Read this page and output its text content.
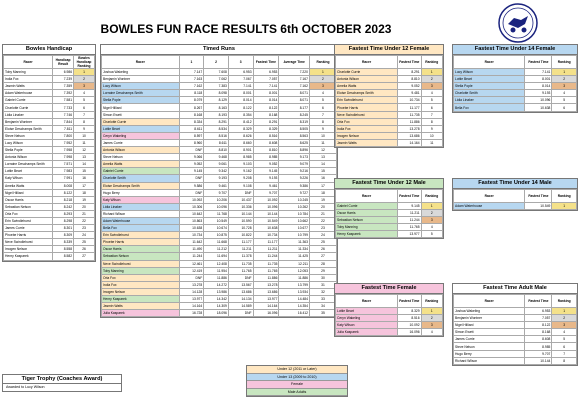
BOWLES FUN RACE RESULTS 6th OCTOBER 2023
Bowles Handicap
Racer	Handicap Result	Bowles Handicap Ranking
Toby Manning	6.986	1
India Fox	7.239	2
Jasmin Watts	7.359	3
Adam Waterhouse	7.392	4
Gabriel Currie	7.581	5
Charlotte Currie	7.733	6
Lidia Linaker	7.746	7
Benjamin Wontner	7.844	8
Eloise Deschamps Smith	7.811	9
Steve Nelson	7.800	10
Lucy Wilson	7.952	11
Stella Pople	7.958	12
Antonia Wilson	7.998	13
Lorraine Deschamps Smith	7.571	14
Lottie Beart	7.983	15
Katy Wilson	7.991	16
Amelia Watts	8.008	17
Nigel Hilliard	8.122	18
Oscar Harris	8.218	19
Sebastian Nelson	8.242	20
Orla Fox	8.293	21
Erin Swindlehurst	8.298	22
James Currie	8.301	23
Phoebe Harris	8.309	24
Neve Swindlehurst	8.339	25
Imogen Nelson	8.558	26
Henry Kasparek	8.582	27
Timed Runs
Racer	1	2	3	Fastest Time	Average Time	Ranking
Joshua Wakeling	7.147	7.608	6.953	6.953	7.220	1
Benjamin Wontner	7.163	7.062	7.067	7.057	7.167	2
Lucy Wilson	7.162	7.383	7.141	7.141	7.162	3
Lorraine Deschamps Smith	8.118	8.098	8.001	8.001	8.071	4
Stella Pople	8.079	8.129	8.014	8.014	8.071	5
Nigel Hilliard	8.267	8.163	8.122	8.122	8.177	6
Simon Ewett	8.168	8.193	8.354	8.168	8.245	7
Charlotte Currie	8.334	8.291	8.412	8.291	8.319	8
Lottie Beart	8.611	8.534	8.329	8.329	8.505	9
Ceryn Wakeling	8.597	8.516	8.626	8.516	8.563	10
James Currie	8.960	8.611	8.660	8.608	8.625	11
Antonia Wilson	DNF	8.810	8.901	8.810	8.896	12
Steve Nelson	9.066	9.468	8.985	8.985	9.173	13
Amelia Watts	9.052	9.061	9.103	9.052	9.079	14
Gabriel Currie	9.145	9.342	9.162	9.145	9.216	15
Charlotte Smith	DNF	9.193	9.208	9.193	9.226	16
Eloise Deschamps Smith	9.586	9.461	9.108	9.461	9.386	17
Hugo Berry	DNF	9.707	DNF	9.707	9.727	18
Katy Wilson	10.092	10.206	10.437	10.092	10.245	19
Lidia Linaker	10.306	10.096	10.336	10.096	10.262	20
Richard Wilson	10.642	11.768	10.144	10.144	10.784	21
Adam Waterhouse	10.863	10.549	10.590	10.549	10.662	22
Bella Fox	10.638	10.674	10.728	10.638	10.677	23
Erin Swindlehurst	10.734	10.875	10.822	10.734	10.799	24
Phoebe Harris	11.642	11.668	11.177	11.177	11.363	25
Oscar Harris	11.490	11.212	11.211	11.211	11.334	26
Sebastian Nelson	11.244	11.694	11.378	11.244	11.425	27
Neve Swindlehurst	12.461	12.408	11.735	11.735	12.211	28
Toby Manning	12.419	11.954	11.765	11.765	12.053	29
Orla Fox	DNF	11.886	DNF	11.886	11.886	30
India Fox	13.278	14.272	13.567	13.278	13.799	31
Imogen Nelson	14.128	13.986	13.686	13.686	13.934	32
Henry Kasparek	13.977	14.342	14.134	13.977	14.484	33
Jasmin Watts	14.164	14.309	14.589	14.164	14.354	34
Julia Kasparek	16.728	18.096	DNF	16.096	16.412	35
Fastest Time Under 12 Female
Racer	Fastest Time	Ranking
Charlotte Currie	8.291	1
Antonia Wilson	8.810	2
Amelia Watts	9.052	3
Eloise Deschamps Smith	9.481	4
Erin Swindlehurst	10.734	5
Phoebe Harris	11.177	6
Neve Swindlehurst	11.735	7
Orla Fox	11.886	8
India Fox	13.278	9
Imogen Nelson	13.686	10
Jasmin Watts	14.164	11
Fastest Time Under 14 Female
Racer	Fastest Time	Ranking
Lucy Wilson	7.141	1
Lottie Beart	8.001	2
Stella Pople	8.014	3
Charlotte Smith	9.193	4
Lidia Linaker	10.096	5
Bella Fox	10.638	6
Fastest Time Under 12 Male
Racer	Fastest Time	Ranking
Gabriel Currie	9.145	1
Oscar Harris	11.211	2
Sebastian Nelson	11.244	3
Toby Manning	11.765	4
Henry Kasparek	13.977	5
Fastest Time Under 14 Male
Racer	Fastest Time	Ranking
Adam Waterhouse	10.549	1
Fastest Time Female
Racer	Fastest Time	Ranking
Lottie Beart	8.329	1
Ceryn Wakeling	8.516	2
Katy Wilson	10.092	3
Julia Kasparek	16.096	4
Fastest Time Adult Male
Racer	Fastest Time	Ranking
Joshua Wakeling	6.953	1
Benjamin Wontner	7.057	2
Nigel Hilliard	8.122	3
Simon Ewett	8.168	4
James Currie	8.608	5
Steve Nelson	8.985	6
Hugo Berry	9.707	7
Richard Wilson	10.144	8
Under 12 (2011 or Later)
Under 13 (2009 to 2010)
Female
Male Adults
Tiger Trophy (Coaches Award)
Awarded to Lucy Wilson
